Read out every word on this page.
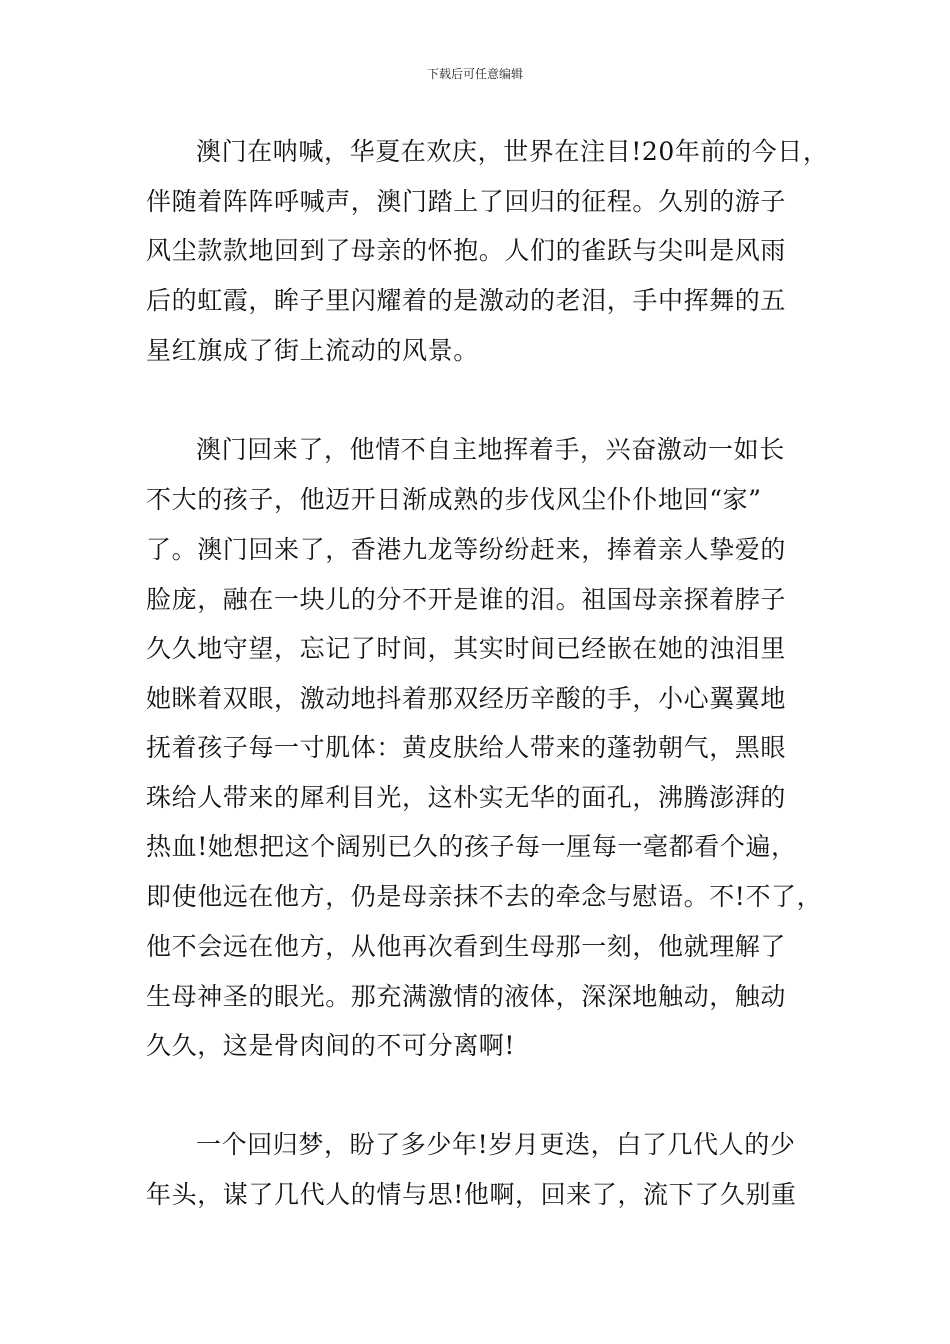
下载后可任意编辑
澳门在呐喊，华夏在欢庆，世界在注目!20年前的今日，
伴随着阵阵呼喊声，澳门踏上了回归的征程。久别的游子
风尘款款地回到了母亲的怀抱。人们的雀跃与尖叫是风雨
后的虹霞，眸子里闪耀着的是激动的老泪，手中挥舞的五
星红旗成了街上流动的风景。
澳门回来了，他情不自主地挥着手，兴奋激动一如长
不大的孩子，他迈开日渐成熟的步伐风尘仆仆地回“家”
了。澳门回来了，香港九龙等纷纷赶来，捧着亲人挚爱的
脸庞，融在一块儿的分不开是谁的泪。祖国母亲探着脖子
久久地守望，忘记了时间，其实时间已经嵌在她的浊泪里
她眯着双眼，激动地抖着那双经历辛酸的手，小心翼翼地
抚着孩子每一寸肌体：黄皮肤给人带来的蓬勃朝气，黑眼
珠给人带来的犀利目光，这朴实无华的面孔，沸腾澎湃的
热血!她想把这个阔别已久的孩子每一厘每一毫都看个遍，
即使他远在他方，仍是母亲抹不去的牵念与慰语。不!不了，
他不会远在他方，从他再次看到生母那一刻，他就理解了
生母神圣的眼光。那充满激情的液体，深深地触动，触动
久久，这是骨肉间的不可分离啊!
一个回归梦，盼了多少年!岁月更迭，白了几代人的少
年头，谋了几代人的情与思!他啊，回来了，流下了久别重
